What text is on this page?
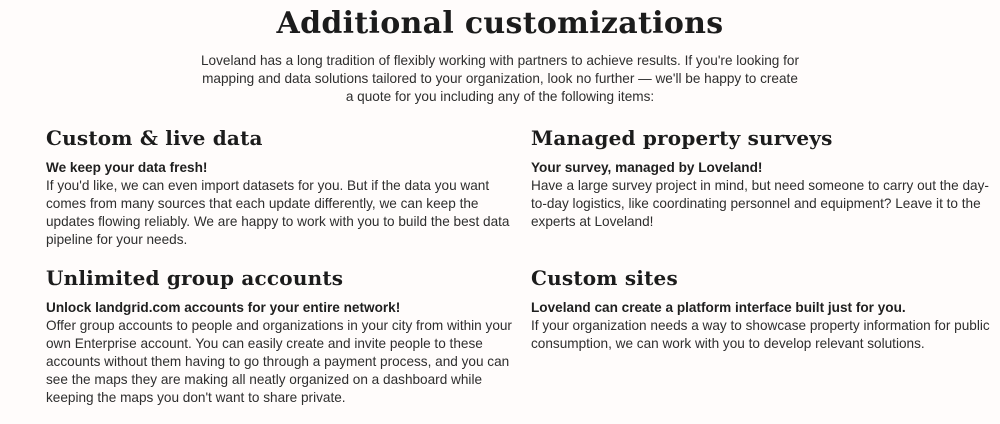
Additional customizations

Loveland has a long tradition of flexibly working with partners to achieve results. If you're looking for mapping and data solutions tailored to your organization, look no further — we'll be happy to create a quote for you including any of the following items:

Custom & live data

We keep your data fresh!

If you'd like, we can even import datasets for you. But if the data you want comes from many sources that each update differently, we can keep the updates flowing reliably. We are happy to work with you to build the best data pipeline for your needs.

Managed property surveys

Your survey, managed by Loveland!

Have a large survey project in mind, but need someone to carry out the day-to-day logistics, like coordinating personnel and equipment? Leave it to the experts at Loveland!

Unlimited group accounts

Unlock landgrid.com accounts for your entire network!

Offer group accounts to people and organizations in your city from within your own Enterprise account. You can easily create and invite people to these accounts without them having to go through a payment process, and you can see the maps they are making all neatly organized on a dashboard while keeping the maps you don't want to share private.

Custom sites

Loveland can create a platform interface built just for you.

If your organization needs a way to showcase property information for public consumption, we can work with you to develop relevant solutions.
